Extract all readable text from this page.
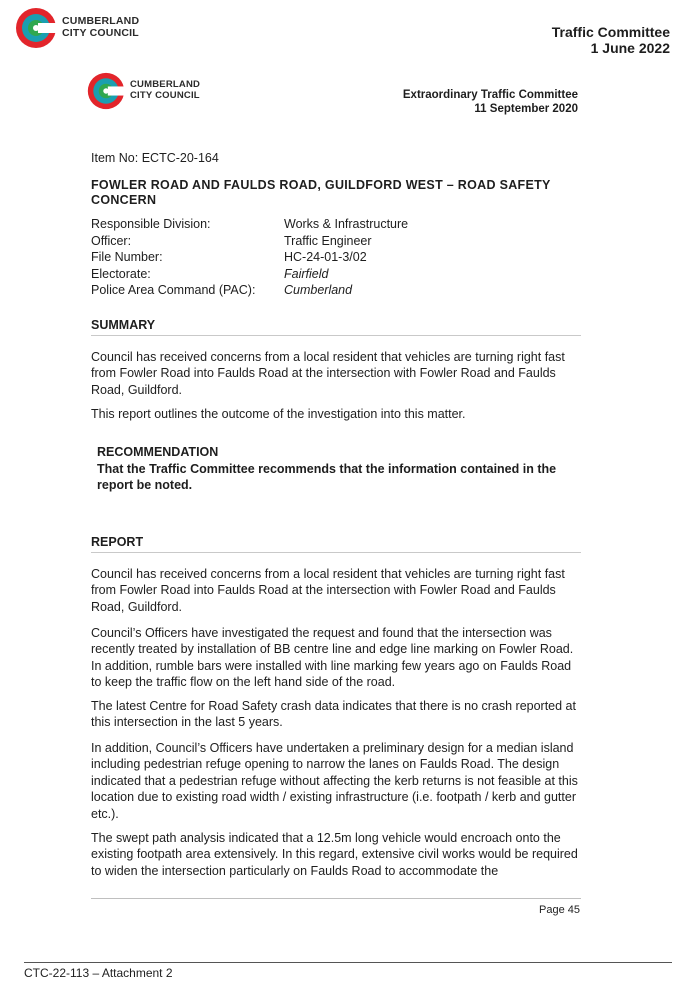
CUMBERLAND
CITY COUNCIL	Traffic Committee
1 June 2022
CUMBERLAND
CITY COUNCIL	Extraordinary Traffic Committee
11 September 2020
Item No: ECTC-20-164
FOWLER ROAD AND FAULDS ROAD, GUILDFORD WEST – ROAD SAFETY CONCERN
Responsible Division:	Works & Infrastructure
Officer:	Traffic Engineer
File Number:	HC-24-01-3/02
Electorate:	Fairfield
Police Area Command (PAC):	Cumberland
SUMMARY

Council has received concerns from a local resident that vehicles are turning right fast from Fowler Road into Faulds Road at the intersection with Fowler Road and Faulds Road, Guildford.

This report outlines the outcome of the investigation into this matter.

RECOMMENDATION

That the Traffic Committee recommends that the information contained in the report be noted.

REPORT

Council has received concerns from a local resident that vehicles are turning right fast from Fowler Road into Faulds Road at the intersection with Fowler Road and Faulds Road, Guildford.

Council’s Officers have investigated the request and found that the intersection was recently treated by installation of BB centre line and edge line marking on Fowler Road. In addition, rumble bars were installed with line marking few years ago on Faulds Road to keep the traffic flow on the left hand side of the road.

The latest Centre for Road Safety crash data indicates that there is no crash reported at this intersection in the last 5 years.

In addition, Council’s Officers have undertaken a preliminary design for a median island including pedestrian refuge opening to narrow the lanes on Faulds Road. The design indicated that a pedestrian refuge without affecting the kerb returns is not feasible at this location due to existing road width / existing infrastructure (i.e. footpath / kerb and gutter etc.).

The swept path analysis indicated that a 12.5m long vehicle would encroach onto the existing footpath area extensively. In this regard, extensive civil works would be required to widen the intersection particularly on Faulds Road to accommodate the

Page 45
CTC-22-113 – Attachment 2
